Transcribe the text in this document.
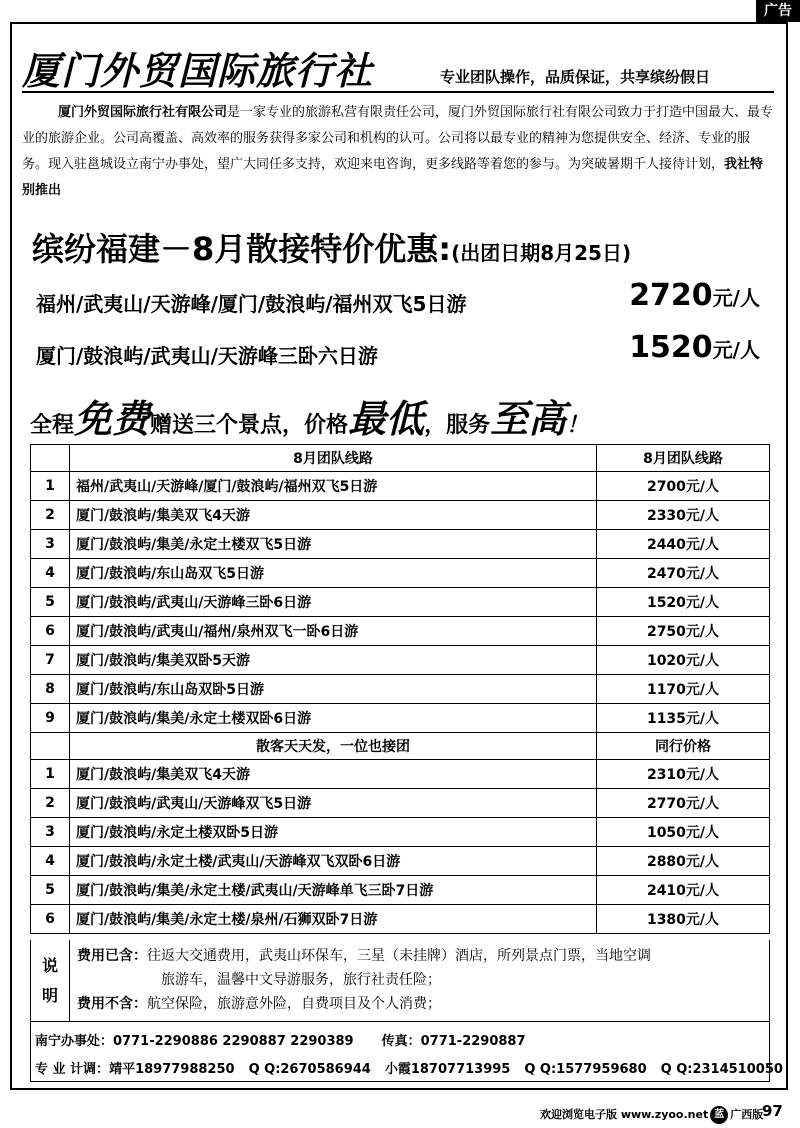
广告
厦门外贸国际旅行社	专业团队操作，品质保证，共享缤纷假日
厦门外贸国际旅行社有限公司是一家专业的旅游私营有限责任公司，厦门外贸国际旅行社有限公司致力于打造中国最大、最专业的旅游企业。公司高覆盖、高效率的服务获得多家公司和机构的认可。公司将以最专业的精神为您提供安全、经济、专业的服务。现入驻邕城设立南宁办事处，望广大同任多支持，欢迎来电咨询，更多线路等着您的参与。为突破暑期千人接待计划，我社特别推出
缤纷福建－8月散接特价优惠:(出团日期8月25日)
福州/武夷山/天游峰/厦门/鼓浪屿/福州双飞5日游	2720元/人
厦门/鼓浪屿/武夷山/天游峰三卧六日游	1520元/人
全程免费赠送三个景点，价格最低，服务至高！
	8月团队线路	8月团队线路
1	福州/武夷山/天游峰/厦门/鼓浪屿/福州双飞5日游	2700元/人
2	厦门/鼓浪屿/集美双飞4天游	2330元/人
3	厦门/鼓浪屿/集美/永定土楼双飞5日游	2440元/人
4	厦门/鼓浪屿/东山岛双飞5日游	2470元/人
5	厦门/鼓浪屿/武夷山/天游峰三卧6日游	1520元/人
6	厦门/鼓浪屿/武夷山/福州/泉州双飞一卧6日游	2750元/人
7	厦门/鼓浪屿/集美双卧5天游	1020元/人
8	厦门/鼓浪屿/东山岛双卧5日游	1170元/人
9	厦门/鼓浪屿/集美/永定土楼双卧6日游	1135元/人
	散客天天发，一位也接团	同行价格
1	厦门/鼓浪屿/集美双飞4天游	2310元/人
2	厦门/鼓浪屿/武夷山/天游峰双飞5日游	2770元/人
3	厦门/鼓浪屿/永定土楼双卧5日游	1050元/人
4	厦门/鼓浪屿/永定土楼/武夷山/天游峰双飞双卧6日游	2880元/人
5	厦门/鼓浪屿/集美/永定土楼/武夷山/天游峰单飞三卧7日游	2410元/人
6	厦门/鼓浪屿/集美/永定土楼/泉州/石狮双卧7日游	1380元/人
说
明
费用已含：往返大交通费用，武夷山环保车，三星（未挂牌）酒店，所列景点门票，当地空调
旅游车，温馨中文导游服务，旅行社责任险；
费用不含：航空保险，旅游意外险，自费项目及个人消费；
南宁办事处：0771-2290886 2290887 2290389 传真：0771-2290887
专 业 计调：靖平18977988250 Q Q:2670586944 小霞18707713995 Q Q:1577959680 Q Q:2314510050
欢迎浏览电子版 www.zyoo.net 蓝 广西版
97
